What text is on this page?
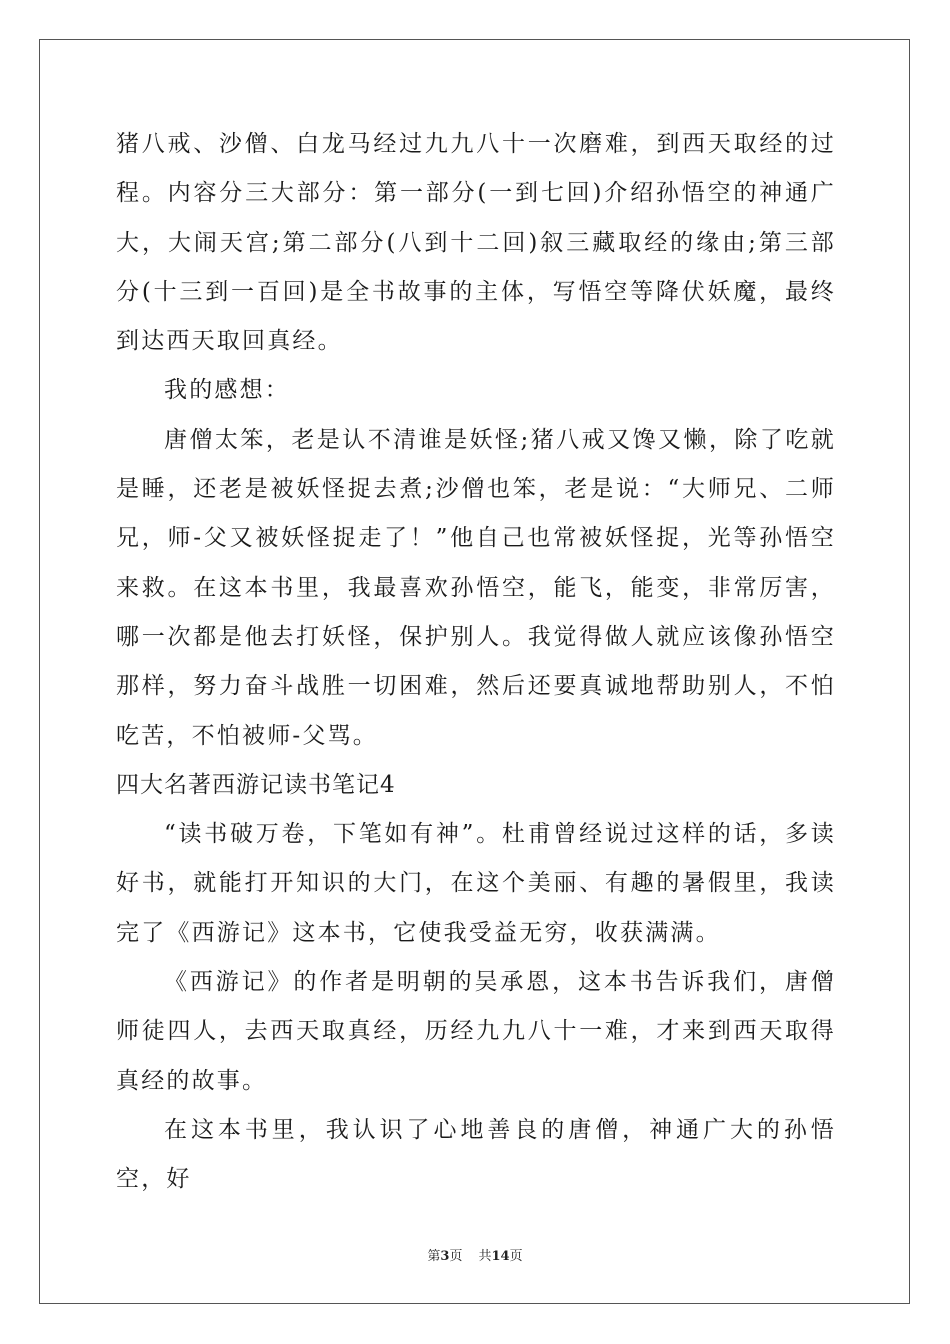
猪八戒、沙僧、白龙马经过九九八十一次磨难，到西天取经的过程。内容分三大部分：第一部分(一到七回)介绍孙悟空的神通广大，大闹天宫;第二部分(八到十二回)叙三藏取经的缘由;第三部分(十三到一百回)是全书故事的主体，写悟空等降伏妖魔，最终到达西天取回真经。

我的感想：

唐僧太笨，老是认不清谁是妖怪;猪八戒又馋又懒，除了吃就是睡，还老是被妖怪捉去煮;沙僧也笨，老是说：“大师兄、二师兄，师-父又被妖怪捉走了！”他自己也常被妖怪捉，光等孙悟空来救。在这本书里，我最喜欢孙悟空，能飞，能变，非常厉害，哪一次都是他去打妖怪，保护别人。我觉得做人就应该像孙悟空那样，努力奋斗战胜一切困难，然后还要真诚地帮助别人，不怕吃苦，不怕被师-父骂。

四大名著西游记读书笔记4

“读书破万卷，下笔如有神”。杜甫曾经说过这样的话，多读好书，就能打开知识的大门，在这个美丽、有趣的暑假里，我读完了《西游记》这本书，它使我受益无穷，收获满满。

《西游记》的作者是明朝的吴承恩，这本书告诉我们，唐僧师徒四人，去西天取真经，历经九九八十一难，才来到西天取得真经的故事。

在这本书里，我认识了心地善良的唐僧，神通广大的孙悟空，好

第3页 共14页
